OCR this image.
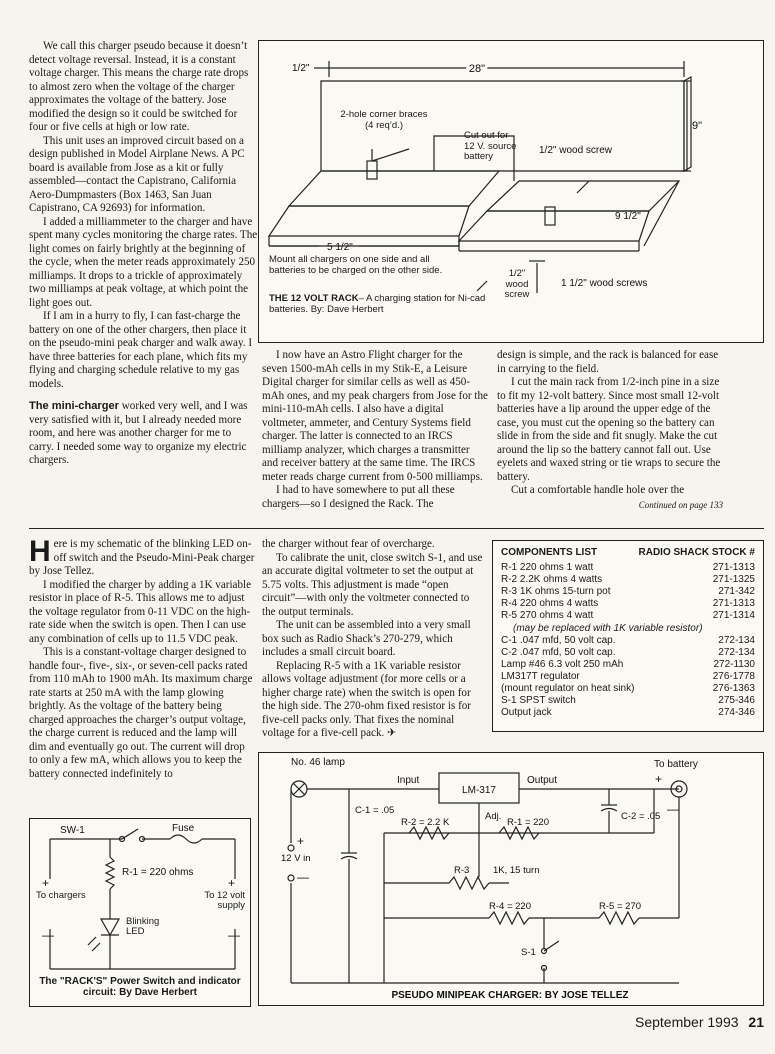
We call this charger pseudo because it doesn’t detect voltage reversal. Instead, it is a constant voltage charger. This means the charge rate drops to almost zero when the voltage of the charger approximates the voltage of the battery. Jose modified the design so it could be switched for four or five cells at high or low rate.

This unit uses an improved circuit based on a design published in Model Airplane News. A PC board is available from Jose as a kit or fully assembled—contact the Capistrano, California Aero-Dumpmasters (Box 1463, San Juan Capistrano, CA 92693) for information.

I added a milliammeter to the charger and have spent many cycles monitoring the charge rates. The light comes on fairly brightly at the beginning of the cycle, when the meter reads approximately 250 milliamps. It drops to a trickle of approximately two milliamps at peak voltage, at which point the light goes out.

If I am in a hurry to fly, I can fast-charge the battery on one of the other chargers, then place it on the pseudo-mini peak charger and walk away. I have three batteries for each plane, which fits my flying and charging schedule relative to my gas models.

The mini-charger worked very well, and I was very satisfied with it, but I already needed more room, and here was another charger for me to carry. I needed some way to organize my electric chargers.

1/2"	28"
9"
9 1/2"
5 1/2"
2-hole corner braces (4 req’d.)
Cut out for 12 V. source battery
1/2" wood screw
1/2" wood screw
1 1/2" wood screws
Mount all chargers on one side and all batteries to be charged on the other side.
THE 12 VOLT RACK– A charging station for Ni-cad batteries. By: Dave Herbert

I now have an Astro Flight charger for the seven 1500-mAh cells in my Stik-E, a Leisure Digital charger for similar cells as well as 450-mAh ones, and my peak chargers from Jose for the mini-110-mAh cells. I also have a digital voltmeter, ammeter, and Century Systems field charger. The latter is connected to an IRCS milliamp analyzer, which charges a transmitter and receiver battery at the same time. The IRCS meter reads charge current from 0-500 milliamps.

I had to have somewhere to put all these chargers—so I designed the Rack. The

design is simple, and the rack is balanced for ease in carrying to the field.

I cut the main rack from 1/2-inch pine in a size to fit my 12-volt battery. Since most small 12-volt batteries have a lip around the upper edge of the case, you must cut the opening so the battery can slide in from the side and fit snugly. Make the cut around the lip so the battery cannot fall out. Use eyelets and waxed string or tie wraps to secure the battery.

Cut a comfortable handle hole over the

Continued on page 133

Here is my schematic of the blinking LED on-off switch and the Pseudo-Mini-Peak charger by Jose Tellez.

I modified the charger by adding a 1K variable resistor in place of R-5. This allows me to adjust the voltage regulator from 0-11 VDC on the high-rate side when the switch is open. Then I can use any combination of cells up to 11.5 VDC peak.

This is a constant-voltage charger designed to handle four-, five-, six-, or seven-cell packs rated from 110 mAh to 1900 mAh. Its maximum charge rate starts at 250 mA with the lamp glowing brightly. As the voltage of the battery being charged approaches the charger’s output voltage, the charge current is reduced and the lamp will dim and eventually go out. The current will drop to only a few mA, which allows you to keep the battery connected indefinitely to

the charger without fear of overcharge.

To calibrate the unit, close switch S-1, and use an accurate digital voltmeter to set the output at 5.75 volts. This adjustment is made “open circuit”—with only the voltmeter connected to the output terminals.

The unit can be assembled into a very small box such as Radio Shack’s 270-279, which includes a small circuit board.

Replacing R-5 with a 1K variable resistor allows voltage adjustment (for more cells or a higher charge rate) when the switch is open for the high side. The 270-ohm fixed resistor is for five-cell packs only. That fixes the nominal voltage for a five-cell pack. ✈

COMPONENTS LIST	RADIO SHACK STOCK #
R-1 220 ohms 1 watt	271-1313
R-2 2.2K ohms 4 watts	271-1325
R-3 1K ohms 15-turn pot	271-342
R-4 220 ohms 4 watts	271-1313
R-5 270 ohms 4 watt	271-1314
(may be replaced with 1K variable resistor)
C-1 .047 mfd, 50 volt cap.	272-134
C-2 .047 mfd, 50 volt cap.	272-134
Lamp #46 6.3 volt 250 mAh	272-1130
LM317T regulator	276-1778
(mount regulator on heat sink)	276-1363
S-1 SPST switch	275-346
Output jack	274-346
SW-1	Fuse
R-1 = 220 ohms
+	+
—	—
To chargers	To 12 volt supply
Blinking LED
The "RACK'S" Power Switch and indicator circuit: By Dave Herbert
No. 46 lamp
Input
LM-317
Output
Adj.
To battery
+
—
C-1 = .05
C-2 = .05
R-2 = 2.2 K	R-1 = 220
R-3 1K, 15 turn
R-4 = 220	R-5 = 270
S-1
+
12 V in
—
PSEUDO MINIPEAK CHARGER: BY JOSE TELLEZ
September 1993 21
